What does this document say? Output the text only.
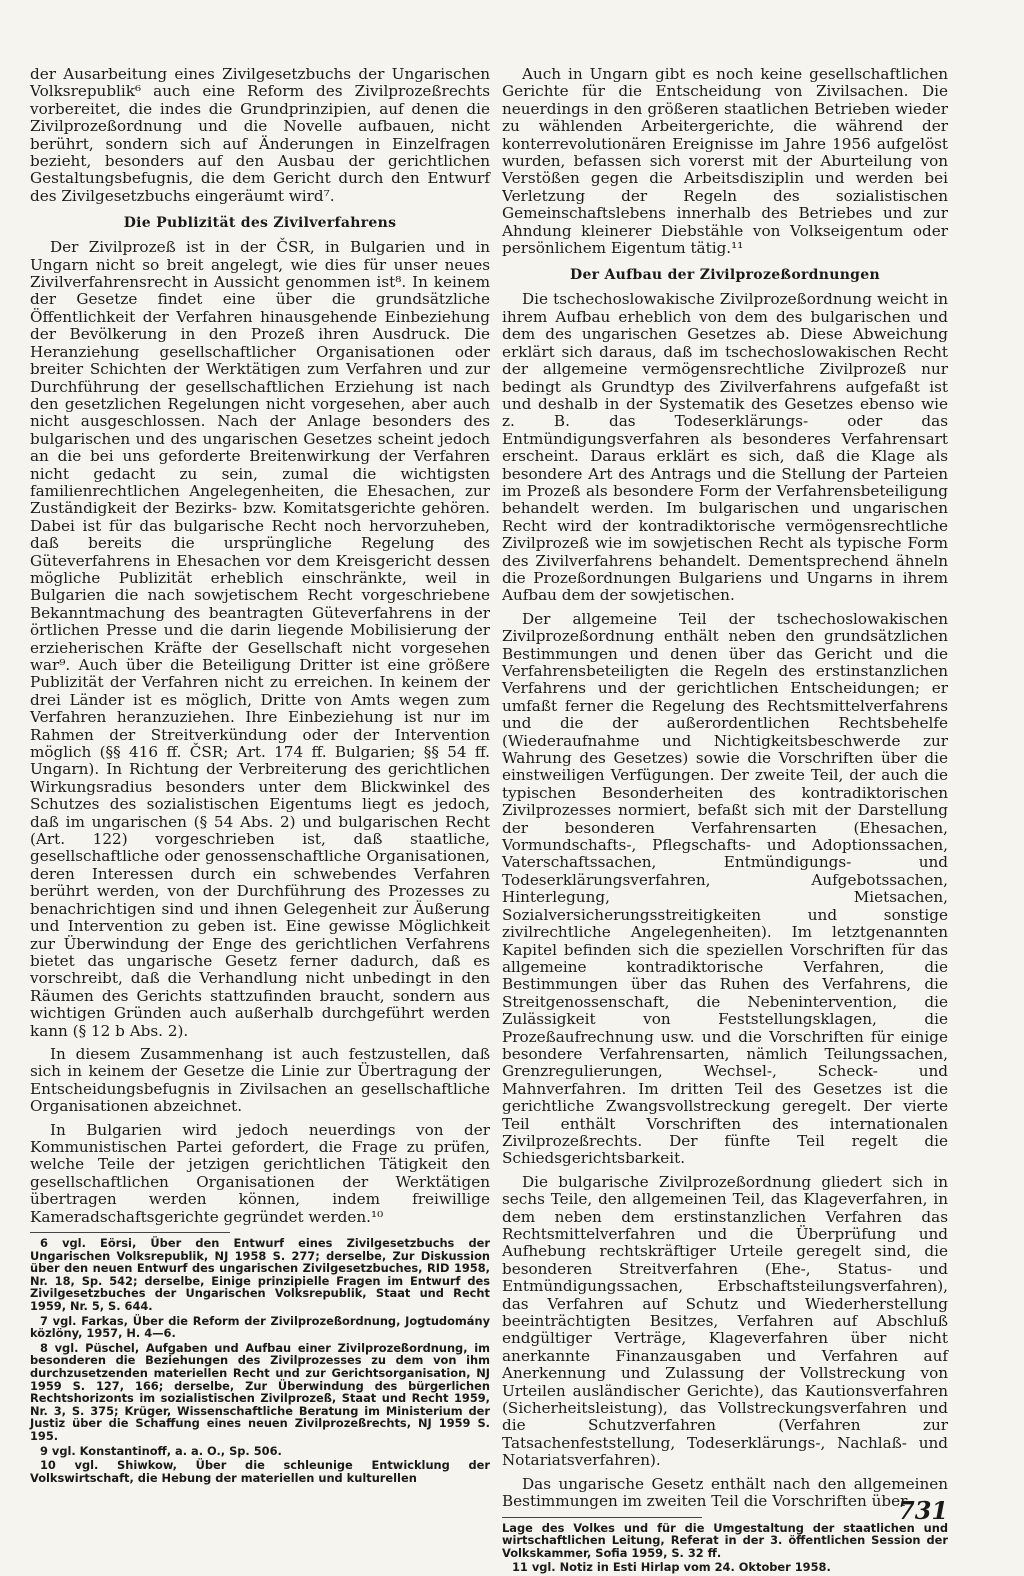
der Ausarbeitung eines Zivilgesetzbuchs der Ungarischen Volksrepublik⁶ auch eine Reform des Zivilprozeßrechts vorbereitet, die indes die Grundprinzipien, auf denen die Zivilprozeßordnung und die Novelle aufbauen, nicht berührt, sondern sich auf Änderungen in Einzelfragen bezieht, besonders auf den Ausbau der gerichtlichen Gestaltungsbefugnis, die dem Gericht durch den Entwurf des Zivilgesetzbuchs eingeräumt wird⁷.

Die Publizität des Zivilverfahrens

Der Zivilprozeß ist in der ČSR, in Bulgarien und in Ungarn nicht so breit angelegt, wie dies für unser neues Zivilverfahrensrecht in Aussicht genommen ist⁸. In keinem der Gesetze findet eine über die grundsätzliche Öffentlichkeit der Verfahren hinausgehende Einbeziehung der Bevölkerung in den Prozeß ihren Ausdruck. Die Heranziehung gesellschaftlicher Organisationen oder breiter Schichten der Werktätigen zum Verfahren und zur Durchführung der gesellschaftlichen Erziehung ist nach den gesetzlichen Regelungen nicht vorgesehen, aber auch nicht ausgeschlossen. Nach der Anlage besonders des bulgarischen und des ungarischen Gesetzes scheint jedoch an die bei uns geforderte Breitenwirkung der Verfahren nicht gedacht zu sein, zumal die wichtigsten familienrechtlichen Angelegenheiten, die Ehesachen, zur Zuständigkeit der Bezirks- bzw. Komitatsgerichte gehören. Dabei ist für das bulgarische Recht noch hervorzuheben, daß bereits die ursprüngliche Regelung des Güteverfahrens in Ehesachen vor dem Kreisgericht dessen mögliche Publizität erheblich einschränkte, weil in Bulgarien die nach sowjetischem Recht vorgeschriebene Bekanntmachung des beantragten Güteverfahrens in der örtlichen Presse und die darin liegende Mobilisierung der erzieherischen Kräfte der Gesellschaft nicht vorgesehen war⁹. Auch über die Beteiligung Dritter ist eine größere Publizität der Verfahren nicht zu erreichen. In keinem der drei Länder ist es möglich, Dritte von Amts wegen zum Verfahren heranzuziehen. Ihre Einbeziehung ist nur im Rahmen der Streitverkündung oder der Intervention möglich (§§ 416 ff. ČSR; Art. 174 ff. Bulgarien; §§ 54 ff. Ungarn). In Richtung der Verbreiterung des gerichtlichen Wirkungsradius besonders unter dem Blickwinkel des Schutzes des sozialistischen Eigentums liegt es jedoch, daß im ungarischen (§ 54 Abs. 2) und bulgarischen Recht (Art. 122) vorgeschrieben ist, daß staatliche, gesellschaftliche oder genossenschaftliche Organisationen, deren Interessen durch ein schwebendes Verfahren berührt werden, von der Durchführung des Prozesses zu benachrichtigen sind und ihnen Gelegenheit zur Äußerung und Intervention zu geben ist. Eine gewisse Möglichkeit zur Überwindung der Enge des gerichtlichen Verfahrens bietet das ungarische Gesetz ferner dadurch, daß es vorschreibt, daß die Verhandlung nicht unbedingt in den Räumen des Gerichts stattzufinden braucht, sondern aus wichtigen Gründen auch außerhalb durchgeführt werden kann (§ 12 b Abs. 2).

In diesem Zusammenhang ist auch festzustellen, daß sich in keinem der Gesetze die Linie zur Übertragung der Entscheidungsbefugnis in Zivilsachen an gesellschaftliche Organisationen abzeichnet.

In Bulgarien wird jedoch neuerdings von der Kommunistischen Partei gefordert, die Frage zu prüfen, welche Teile der jetzigen gerichtlichen Tätigkeit den gesellschaftlichen Organisationen der Werktätigen übertragen werden können, indem freiwillige Kameradschaftsgerichte gegründet werden.¹⁰

6 vgl. Eörsi, Über den Entwurf eines Zivilgesetzbuchs der Ungarischen Volksrepublik, NJ 1958 S. 277; derselbe, Zur Diskussion über den neuen Entwurf des ungarischen Zivilgesetzbuches, RID 1958, Nr. 18, Sp. 542; derselbe, Einige prinzipielle Fragen im Entwurf des Zivilgesetzbuches der Ungarischen Volksrepublik, Staat und Recht 1959, Nr. 5, S. 644.

7 vgl. Farkas, Über die Reform der Zivilprozeßordnung, Jogtudomány közlöny, 1957, H. 4—6.

8 vgl. Püschel, Aufgaben und Aufbau einer Zivilprozeßordnung, im besonderen die Beziehungen des Zivilprozesses zu dem von ihm durchzusetzenden materiellen Recht und zur Gerichtsorganisation, NJ 1959 S. 127, 166; derselbe, Zur Überwindung des bürgerlichen Rechtshorizonts im sozialistischen Zivilprozeß, Staat und Recht 1959, Nr. 3, S. 375; Krüger, Wissenschaftliche Beratung im Ministerium der Justiz über die Schaffung eines neuen Zivilprozeßrechts, NJ 1959 S. 195.

9 vgl. Konstantinoff, a. a. O., Sp. 506.

10 vgl. Shiwkow, Über die schleunige Entwicklung der Volkswirtschaft, die Hebung der materiellen und kulturellen

Auch in Ungarn gibt es noch keine gesellschaftlichen Gerichte für die Entscheidung von Zivilsachen. Die neuerdings in den größeren staatlichen Betrieben wieder zu wählenden Arbeitergerichte, die während der konterrevolutionären Ereignisse im Jahre 1956 aufgelöst wurden, befassen sich vorerst mit der Aburteilung von Verstößen gegen die Arbeitsdisziplin und werden bei Verletzung der Regeln des sozialistischen Gemeinschaftslebens innerhalb des Betriebes und zur Ahndung kleinerer Diebstähle von Volkseigentum oder persönlichem Eigentum tätig.¹¹

Der Aufbau der Zivilprozeßordnungen

Die tschechoslowakische Zivilprozeßordnung weicht in ihrem Aufbau erheblich von dem des bulgarischen und dem des ungarischen Gesetzes ab. Diese Abweichung erklärt sich daraus, daß im tschechoslowakischen Recht der allgemeine vermögensrechtliche Zivilprozeß nur bedingt als Grundtyp des Zivilverfahrens aufgefaßt ist und deshalb in der Systematik des Gesetzes ebenso wie z. B. das Todeserklärungs- oder das Entmündigungsverfahren als besonderes Verfahrensart erscheint. Daraus erklärt es sich, daß die Klage als besondere Art des Antrags und die Stellung der Parteien im Prozeß als besondere Form der Verfahrensbeteiligung behandelt werden. Im bulgarischen und ungarischen Recht wird der kontradiktorische vermögensrechtliche Zivilprozeß wie im sowjetischen Recht als typische Form des Zivilverfahrens behandelt. Dementsprechend ähneln die Prozeßordnungen Bulgariens und Ungarns in ihrem Aufbau dem der sowjetischen.

Der allgemeine Teil der tschechoslowakischen Zivilprozeßordnung enthält neben den grundsätzlichen Bestimmungen und denen über das Gericht und die Verfahrensbeteiligten die Regeln des erstinstanzlichen Verfahrens und der gerichtlichen Entscheidungen; er umfaßt ferner die Regelung des Rechtsmittelverfahrens und die der außerordentlichen Rechtsbehelfe (Wiederaufnahme und Nichtigkeitsbeschwerde zur Wahrung des Gesetzes) sowie die Vorschriften über die einstweiligen Verfügungen. Der zweite Teil, der auch die typischen Besonderheiten des kontradiktorischen Zivilprozesses normiert, befaßt sich mit der Darstellung der besonderen Verfahrensarten (Ehesachen, Vormundschafts-, Pflegschafts- und Adoptionssachen, Vaterschaftssachen, Entmündigungs- und Todeserklärungsverfahren, Aufgebotssachen, Hinterlegung, Mietsachen, Sozialversicherungsstreitigkeiten und sonstige zivilrechtliche Angelegenheiten). Im letztgenannten Kapitel befinden sich die speziellen Vorschriften für das allgemeine kontradiktorische Verfahren, die Bestimmungen über das Ruhen des Verfahrens, die Streitgenossenschaft, die Nebenintervention, die Zulässigkeit von Feststellungsklagen, die Prozeßaufrechnung usw. und die Vorschriften für einige besondere Verfahrensarten, nämlich Teilungssachen, Grenzregulierungen, Wechsel-, Scheck- und Mahnverfahren. Im dritten Teil des Gesetzes ist die gerichtliche Zwangsvollstreckung geregelt. Der vierte Teil enthält Vorschriften des internationalen Zivilprozeßrechts. Der fünfte Teil regelt die Schiedsgerichtsbarkeit.

Die bulgarische Zivilprozeßordnung gliedert sich in sechs Teile, den allgemeinen Teil, das Klageverfahren, in dem neben dem erstinstanzlichen Verfahren das Rechtsmittelverfahren und die Überprüfung und Aufhebung rechtskräftiger Urteile geregelt sind, die besonderen Streitverfahren (Ehe-, Status- und Entmündigungssachen, Erbschaftsteilungsverfahren), das Verfahren auf Schutz und Wiederherstellung beeinträchtigten Besitzes, Verfahren auf Abschluß endgültiger Verträge, Klageverfahren über nicht anerkannte Finanzausgaben und Verfahren auf Anerkennung und Zulassung der Vollstreckung von Urteilen ausländischer Gerichte), das Kautionsverfahren (Sicherheitsleistung), das Vollstreckungsverfahren und die Schutzverfahren (Verfahren zur Tatsachenfeststellung, Todeserklärungs-, Nachlaß- und Notariatsverfahren).

Das ungarische Gesetz enthält nach den allgemeinen Bestimmungen im zweiten Teil die Vorschriften über

Lage des Volkes und für die Umgestaltung der staatlichen und wirtschaftlichen Leitung, Referat in der 3. öffentlichen Session der Volkskammer, Sofia 1959, S. 32 ff.

11 vgl. Notiz in Esti Hirlap vom 24. Oktober 1958.

731
